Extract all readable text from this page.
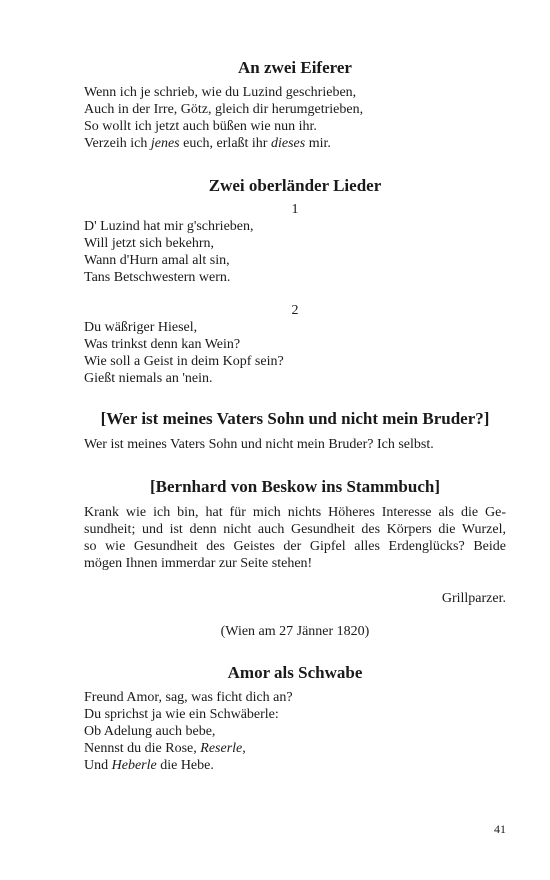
An zwei Eiferer
Wenn ich je schrieb, wie du Luzind geschrieben,
Auch in der Irre, Götz, gleich dir herumgetrieben,
So wollt ich jetzt auch büßen wie nun ihr.
Verzeih ich jenes euch, erlaßt ihr dieses mir.
Zwei oberländer Lieder

1

D' Luzind hat mir g'schrieben,
Will jetzt sich bekehrn,
Wann d'Hurn amal alt sin,
Tans Betschwestern wern.

2

Du wäßriger Hiesel,
Was trinkst denn kan Wein?
Wie soll a Geist in deim Kopf sein?
Gießt niemals an 'nein.
[Wer ist meines Vaters Sohn und nicht mein Bruder?]

Wer ist meines Vaters Sohn und nicht mein Bruder? Ich selbst.

[Bernhard von Beskow ins Stammbuch]
Krank wie ich bin, hat für mich nichts Höheres Interesse als die Ge-
sundheit; und ist denn nicht auch Gesundheit des Körpers die Wurzel,
so wie Gesundheit des Geistes der Gipfel alles Erdenglücks? Beide
mögen Ihnen immerdar zur Seite stehen!

Grillparzer.

(Wien am 27 Jänner 1820)

Amor als Schwabe
Freund Amor, sag, was ficht dich an?
Du sprichst ja wie ein Schwäberle:
Ob Adelung auch bebe,
Nennst du die Rose, Reserle,
Und Heberle die Hebe.
41
